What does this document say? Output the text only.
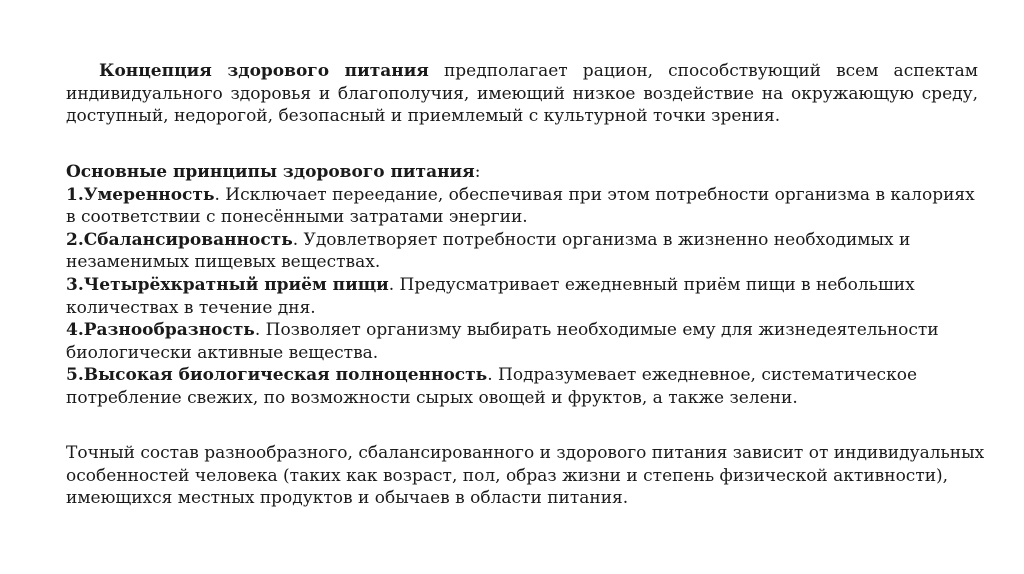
Концепция здорового питания предполагает рацион, способствующий всем аспектам индивидуального здоровья и благополучия, имеющий низкое воздействие на окружающую среду, доступный, недорогой, безопасный и приемлемый с культурной точки зрения.

Основные принципы здорового питания:

1.Умеренность. Исключает переедание, обеспечивая при этом потребности организма в калориях в соответствии с понесёнными затратами энергии.

2.Сбалансированность. Удовлетворяет потребности организма в жизненно необходимых и незаменимых пищевых веществах.

3.Четырёхкратный приём пищи. Предусматривает ежедневный приём пищи в небольших количествах в течение дня.

4.Разнообразность. Позволяет организму выбирать необходимые ему для жизнедеятельности биологически активные вещества.

5.Высокая биологическая полноценность. Подразумевает ежедневное, систематическое потребление свежих, по возможности сырых овощей и фруктов, а также зелени.

Точный состав разнообразного, сбалансированного и здорового питания зависит от индивидуальных особенностей человека (таких как возраст, пол, образ жизни и степень физической активности), имеющихся местных продуктов и обычаев в области питания.
